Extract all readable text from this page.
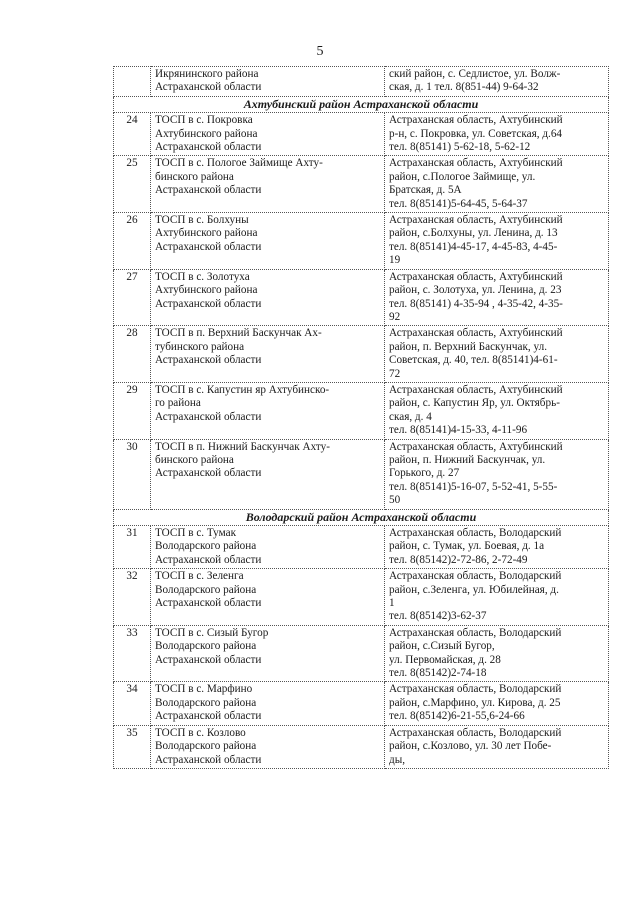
5

	Икрянинского района
Астраханской области	ский район, с. Седлистое, ул. Волж-
ская, д. 1 тел. 8(851-44) 9-64-32

Ахтубинский район Астраханской области		
24	ТОСП в с. Покровка
Ахтубинского района
Астраханской области	Астраханская область, Ахтубинский
р-н, с. Покровка, ул. Советская, д.64
тел. 8(85141) 5-62-18, 5-62-12

25	ТОСП в с. Пологое Займище Ахту-
бинского района
Астраханской области	Астраханская область, Ахтубинский
район, с.Пологое Займище, ул.
Братская, д. 5А
тел. 8(85141)5-64-45, 5-64-37

26	ТОСП в с. Болхуны
Ахтубинского района
Астраханской области	Астраханская область, Ахтубинский
район, с.Болхуны, ул. Ленина, д. 13
тел. 8(85141)4-45-17, 4-45-83, 4-45-
19

27	ТОСП в с. Золотуха
Ахтубинского района
Астраханской области	Астраханская область, Ахтубинский
район, с. Золотуха, ул. Ленина, д. 23
тел. 8(85141) 4-35-94 , 4-35-42, 4-35-
92

28	ТОСП в п. Верхний Баскунчак Ах-
тубинского района
Астраханской области	Астраханская область, Ахтубинский
район, п. Верхний Баскунчак, ул.
Советская, д. 40, тел. 8(85141)4-61-
72

29	ТОСП в с. Капустин яр Ахтубинско-
го района
Астраханской области	Астраханская область, Ахтубинский
район, с. Капустин Яр, ул. Октябрь-
ская, д. 4
тел. 8(85141)4-15-33, 4-11-96

30	ТОСП в п. Нижний Баскунчак Ахту-
бинского района
Астраханской области	Астраханская область, Ахтубинский
район, п. Нижний Баскунчак, ул.
Горького, д. 27
тел. 8(85141)5-16-07, 5-52-41, 5-55-
50

Володарский район Астраханской области		
31	ТОСП в с. Тумак
Володарского района
Астраханской области	Астраханская область, Володарский
район, с. Тумак, ул. Боевая, д. 1а
тел. 8(85142)2-72-86, 2-72-49

32	ТОСП в с. Зеленга
Володарского района
Астраханской области	Астраханская область, Володарский
район, с.Зеленга, ул. Юбилейная, д.
1
тел. 8(85142)3-62-37

33	ТОСП в с. Сизый Бугор
Володарского района
Астраханской области	Астраханская область, Володарский
район, с.Сизый Бугор,
ул. Первомайская, д. 28
тел. 8(85142)2-74-18

34	ТОСП в с. Марфино
Володарского района
Астраханской области	Астраханская область, Володарский
район, с.Марфино, ул. Кирова, д. 25
тел. 8(85142)6-21-55,6-24-66

35	ТОСП в с. Козлово
Володарского района
Астраханской области	Астраханская область, Володарский
район, с.Козлово, ул. 30 лет Побе-
ды,
